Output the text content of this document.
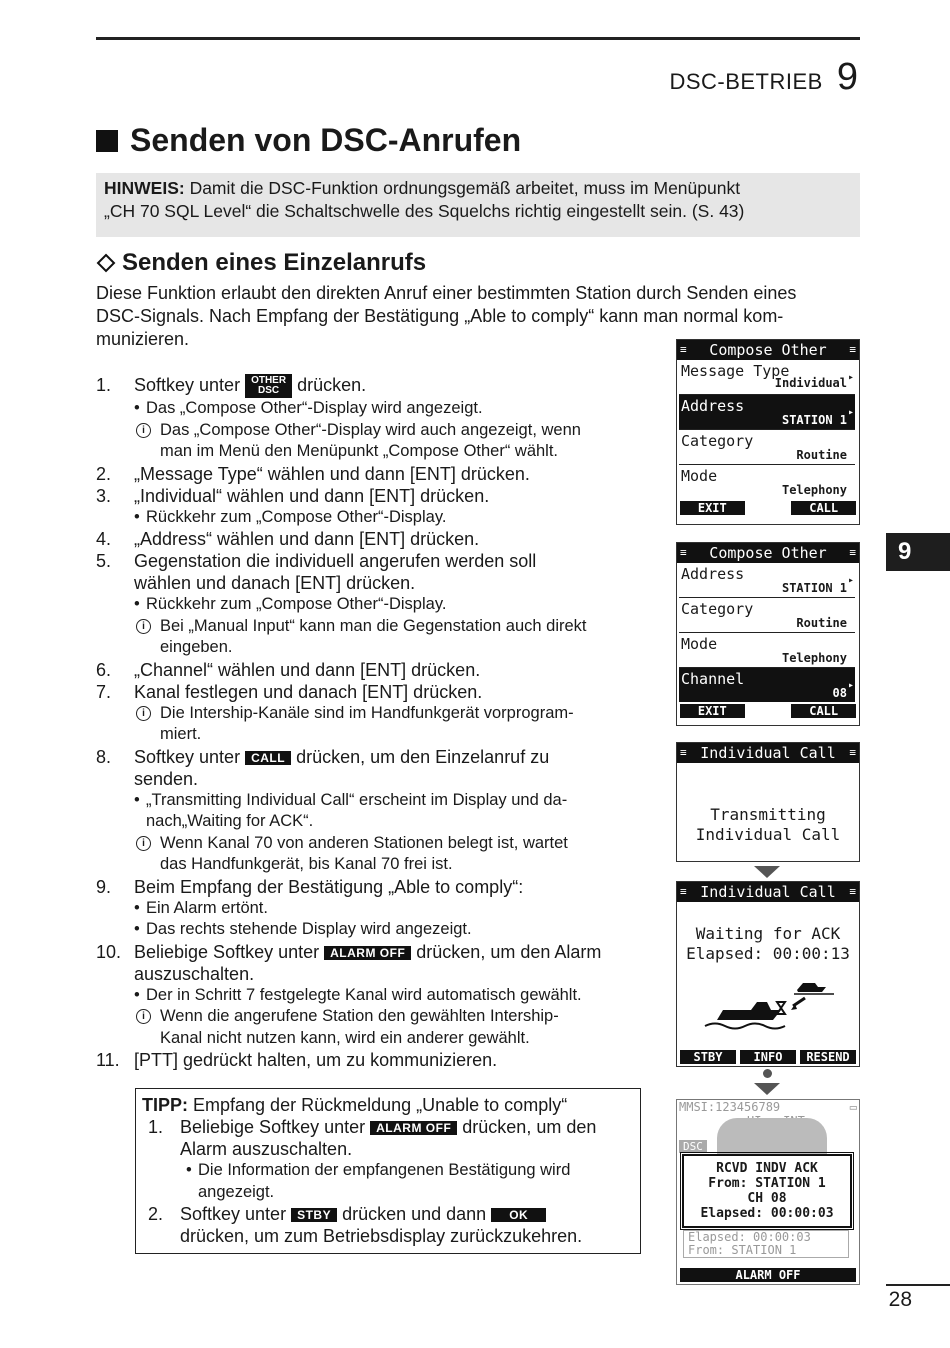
DSC-BETRIEB 9
Senden von DSC-Anrufen
HINWEIS: Damit die DSC-Funktion ordnungsgemäß arbeitet, muss im Menüpunkt
„CH 70 SQL Level“ die Schaltschwelle des Squelchs richtig eingestellt sein. (S. 43)
Senden eines Einzelanrufs
Diese Funktion erlaubt den direkten Anruf einer bestimmten Station durch Senden eines
DSC-Signals. Nach Empfang der Bestätigung „Able to comply“ kann man normal kom-
munizieren.
1.	Softkey unter OTHER
DSC drücken.
• Das „Compose Other“-Display wird angezeigt.
i Das „Compose Other“-Display wird auch angezeigt, wenn
man im Menü den Menüpunkt „Compose Other“ wählt.
2.	„Message Type“ wählen und dann [ENT] drücken.
3.	„Individual“ wählen und dann [ENT] drücken.
• Rückkehr zum „Compose Other“-Display.
4.	„Address“ wählen und dann [ENT] drücken.
5. Gegenstation die individuell angerufen werden soll
wählen und danach [ENT] drücken.
• Rückkehr zum „Compose Other“-Display.
i Bei „Manual Input“ kann man die Gegenstation auch direkt
eingeben.
6.	„Channel“ wählen und dann [ENT] drücken.
7.	Kanal festlegen und danach [ENT] drücken.
i Die Intership-Kanäle sind im Handfunkgerät vorprogram-
miert.
8.	Softkey unter CALL drücken, um den Einzelanruf zu
senden.
• „Transmitting Individual Call“ erscheint im Display und da-
nach„Waiting for ACK“.
i Wenn Kanal 70 von anderen Stationen belegt ist, wartet
das Handfunkgerät, bis Kanal 70 frei ist.
9.	Beim Empfang der Bestätigung „Able to comply“:
• Ein Alarm ertönt.
• Das rechts stehende Display wird angezeigt.
10. Beliebige Softkey unter ALARM OFF drücken, um den Alarm
auszuschalten.
• Der in Schritt 7 festgelegte Kanal wird automatisch gewählt.
i Wenn die angerufene Station den gewählten Intership-
Kanal nicht nutzen kann, wird ein anderer gewählt.
11. [PTT] gedrückt halten, um zu kommunizieren.
TIPP: Empfang der Rückmeldung „Unable to comply“
1. Beliebige Softkey unter ALARM OFF drücken, um den
Alarm auszuschalten.
• Die Information der empfangenen Bestätigung wird
angezeigt.
2. Softkey unter STBY drücken und dann OK
drücken, um zum Betriebsdisplay zurückzukehren.
≡ Compose Other ≡
Message Type
Individual ▸
Address
STATION 1
▸
Category
Routine
Mode
Telephony
EXIT	CALL
≡ Compose Other ≡
Address
STATION 1
▸
Category
Routine
Mode
Telephony
Channel
08
▸
EXIT	CALL
≡ Individual Call ≡
Transmitting
Individual Call
≡ Individual Call ≡
Waiting for ACK
Elapsed: 00:00:13
STBY	INFO	RESEND
MMSI:123456789	▭

DSC
RCVD INDV ACK
From: STATION 1
CH 08
Elapsed: 00:00:03
Elapsed: 00:00:03
From: STATION 1
ALARM OFF
9
28
